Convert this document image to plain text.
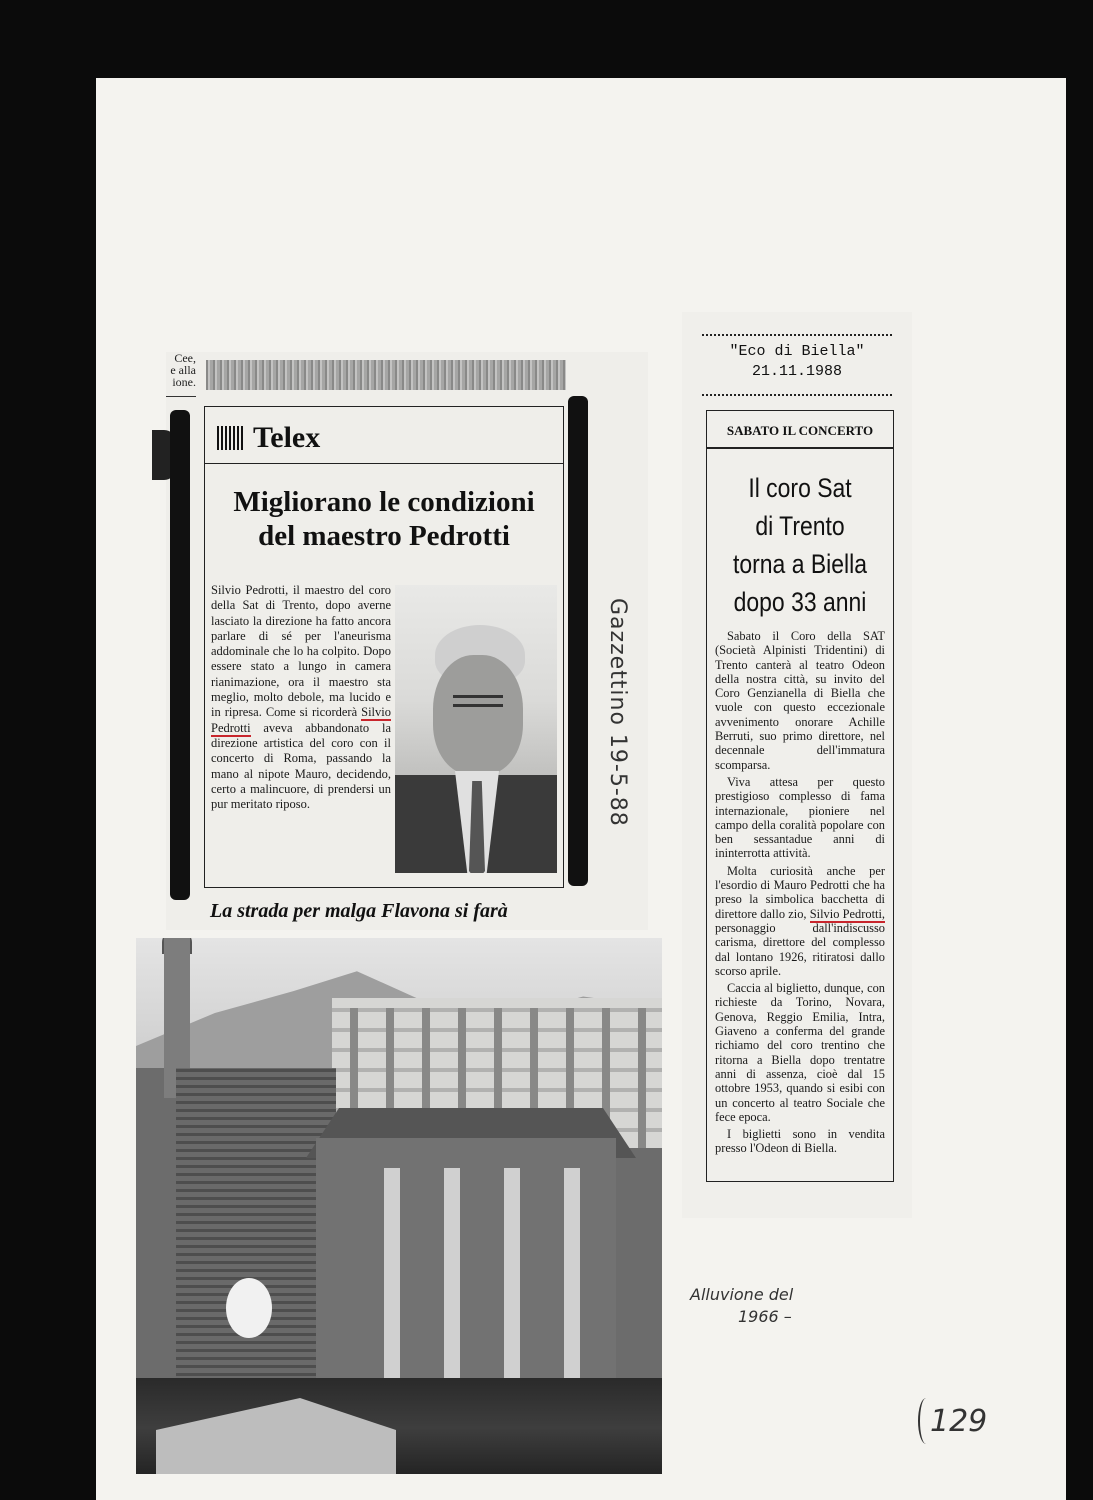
Cee,
e alla
ione.
Telex
Migliorano le condizioni
del maestro Pedrotti
Silvio Pedrotti, il maestro del coro della Sat di Trento, dopo averne lasciato la direzione ha fatto ancora parlare di sé per l'aneurisma addominale che lo ha colpito. Dopo essere stato a lungo in camera rianimazione, ora il maestro sta meglio, molto debole, ma lucido e in ripresa. Come si ricorderà Silvio Pedrotti aveva abbandonato la direzione artistica del coro con il concerto di Roma, passando la mano al nipote Mauro, decidendo, certo a malincuore, di prendersi un pur meritato riposo.
La strada per malga Flavona si farà
Gazzettino 19-5-88
"Eco di Biella"
21.11.1988
SABATO IL CONCERTO
Il coro Sat
di Trento
torna a Biella
dopo 33 anni

Sabato il Coro della SAT (Società Alpinisti Tridentini) di Trento canterà al teatro Odeon della nostra città, su invito del Coro Genzianella di Biella che vuole con questo eccezionale avvenimento onorare Achille Berruti, suo primo direttore, nel decennale dell'immatura scomparsa.

Viva attesa per questo prestigioso complesso di fama internazionale, pioniere nel campo della coralità popolare con ben sessantadue anni di ininterrotta attività.

Molta curiosità anche per l'esordio di Mauro Pedrotti che ha preso la simbolica bacchetta di direttore dallo zio, Silvio Pedrotti, personaggio dall'indiscusso carisma, direttore del complesso dal lontano 1926, ritiratosi dallo scorso aprile.

Caccia al biglietto, dunque, con richieste da Torino, Novara, Genova, Reggio Emilia, Intra, Giaveno a conferma del grande richiamo del coro trentino che ritorna a Biella dopo trentatre anni di assenza, cioè dal 15 ottobre 1953, quando si esibi con un concerto al teatro Sociale che fece epoca.

I biglietti sono in vendita presso l'Odeon di Biella.

Alluvione del
1966 –
129
